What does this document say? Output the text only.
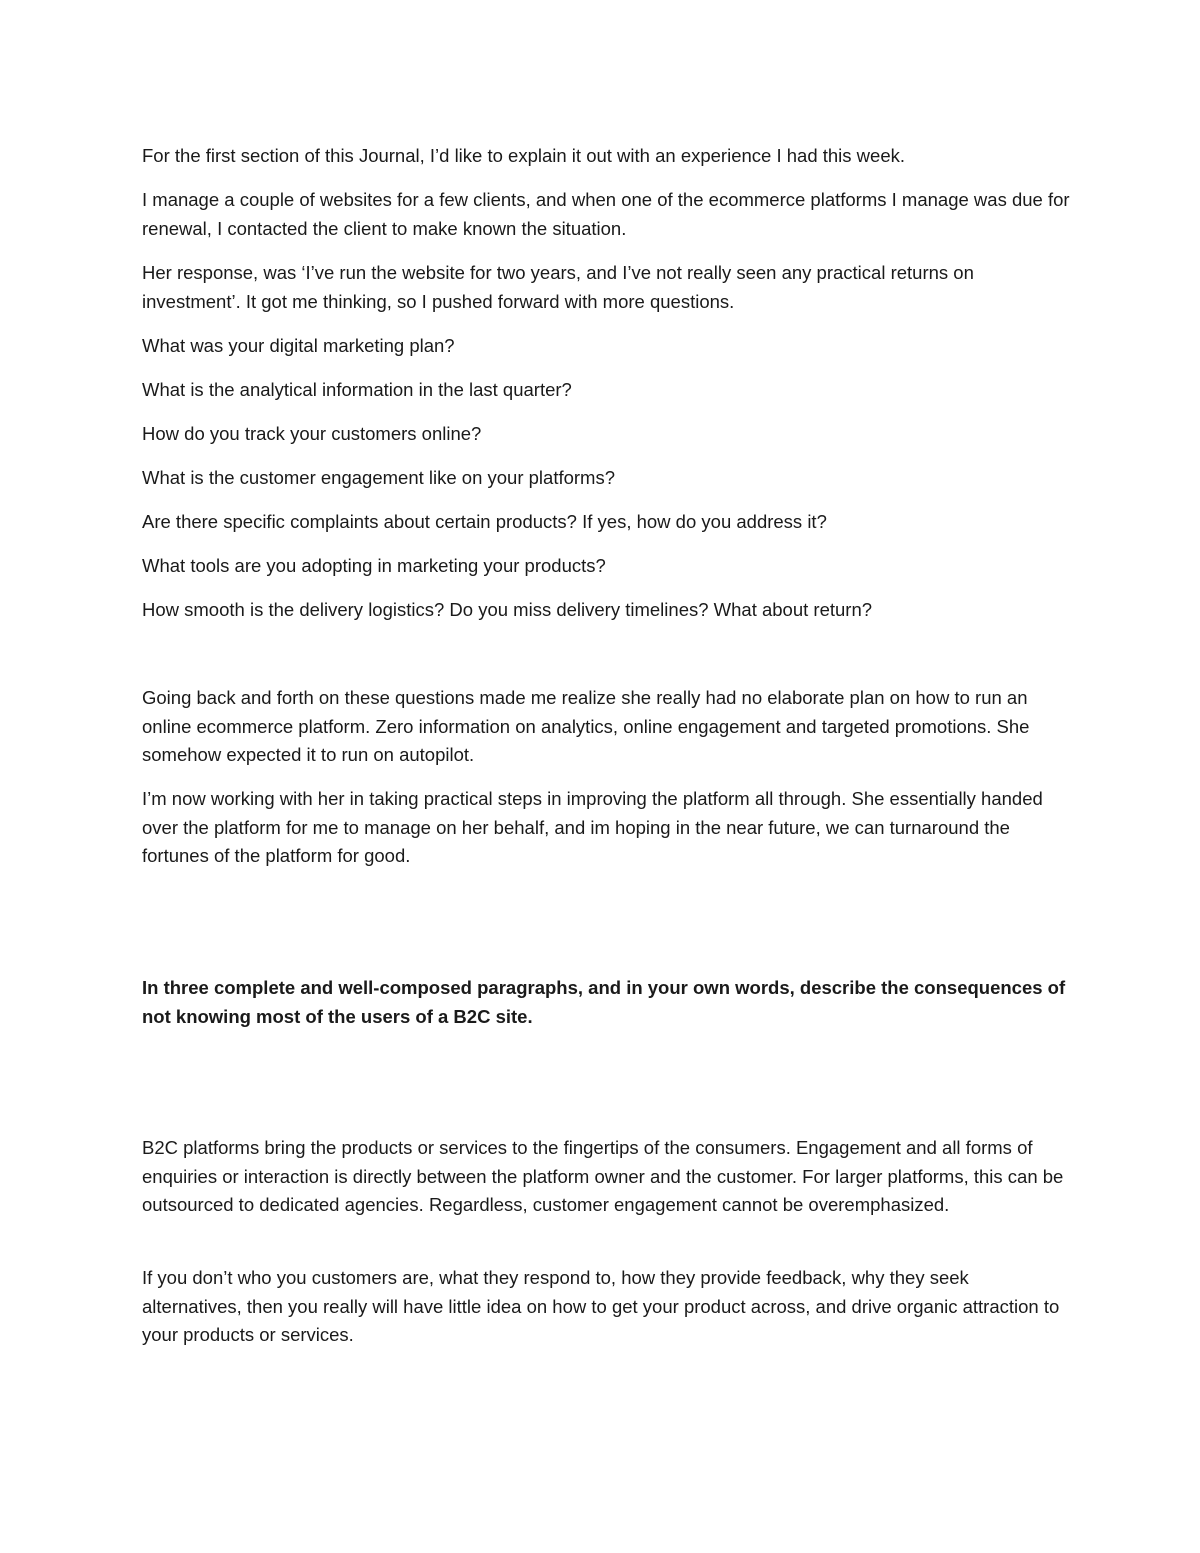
For the first section of this Journal, I’d like to explain it out with an experience I had this week.
I manage a couple of websites for a few clients, and when one of the ecommerce platforms I manage was due for renewal, I contacted the client to make known the situation.
Her response, was ‘I’ve run the website for two years, and I’ve not really seen any practical returns on investment’. It got me thinking, so I pushed forward with more questions.
What was your digital marketing plan?
What is the analytical information in the last quarter?
How do you track your customers online?
What is the customer engagement like on your platforms?
Are there specific complaints about certain products? If yes, how do you address it?
What tools are you adopting in marketing your products?
How smooth is the delivery logistics? Do you miss delivery timelines? What about return?
Going back and forth on these questions made me realize she really had no elaborate plan on how to run an online ecommerce platform. Zero information on analytics, online engagement and targeted promotions. She somehow expected it to run on autopilot.
I’m now working with her in taking practical steps in improving the platform all through. She essentially handed over the platform for me to manage on her behalf, and im hoping in the near future, we can turnaround the fortunes of the platform for good.
In three complete and well-composed paragraphs, and in your own words, describe the consequences of not knowing most of the users of a B2C site.
B2C platforms bring the products or services to the fingertips of the consumers. Engagement and all forms of enquiries or interaction is directly between the platform owner and the customer. For larger platforms, this can be outsourced to dedicated agencies. Regardless, customer engagement cannot be overemphasized.
If you don’t who you customers are, what they respond to, how they provide feedback, why they seek alternatives, then you really will have little idea on how to get your product across, and drive organic attraction to your products or services.
